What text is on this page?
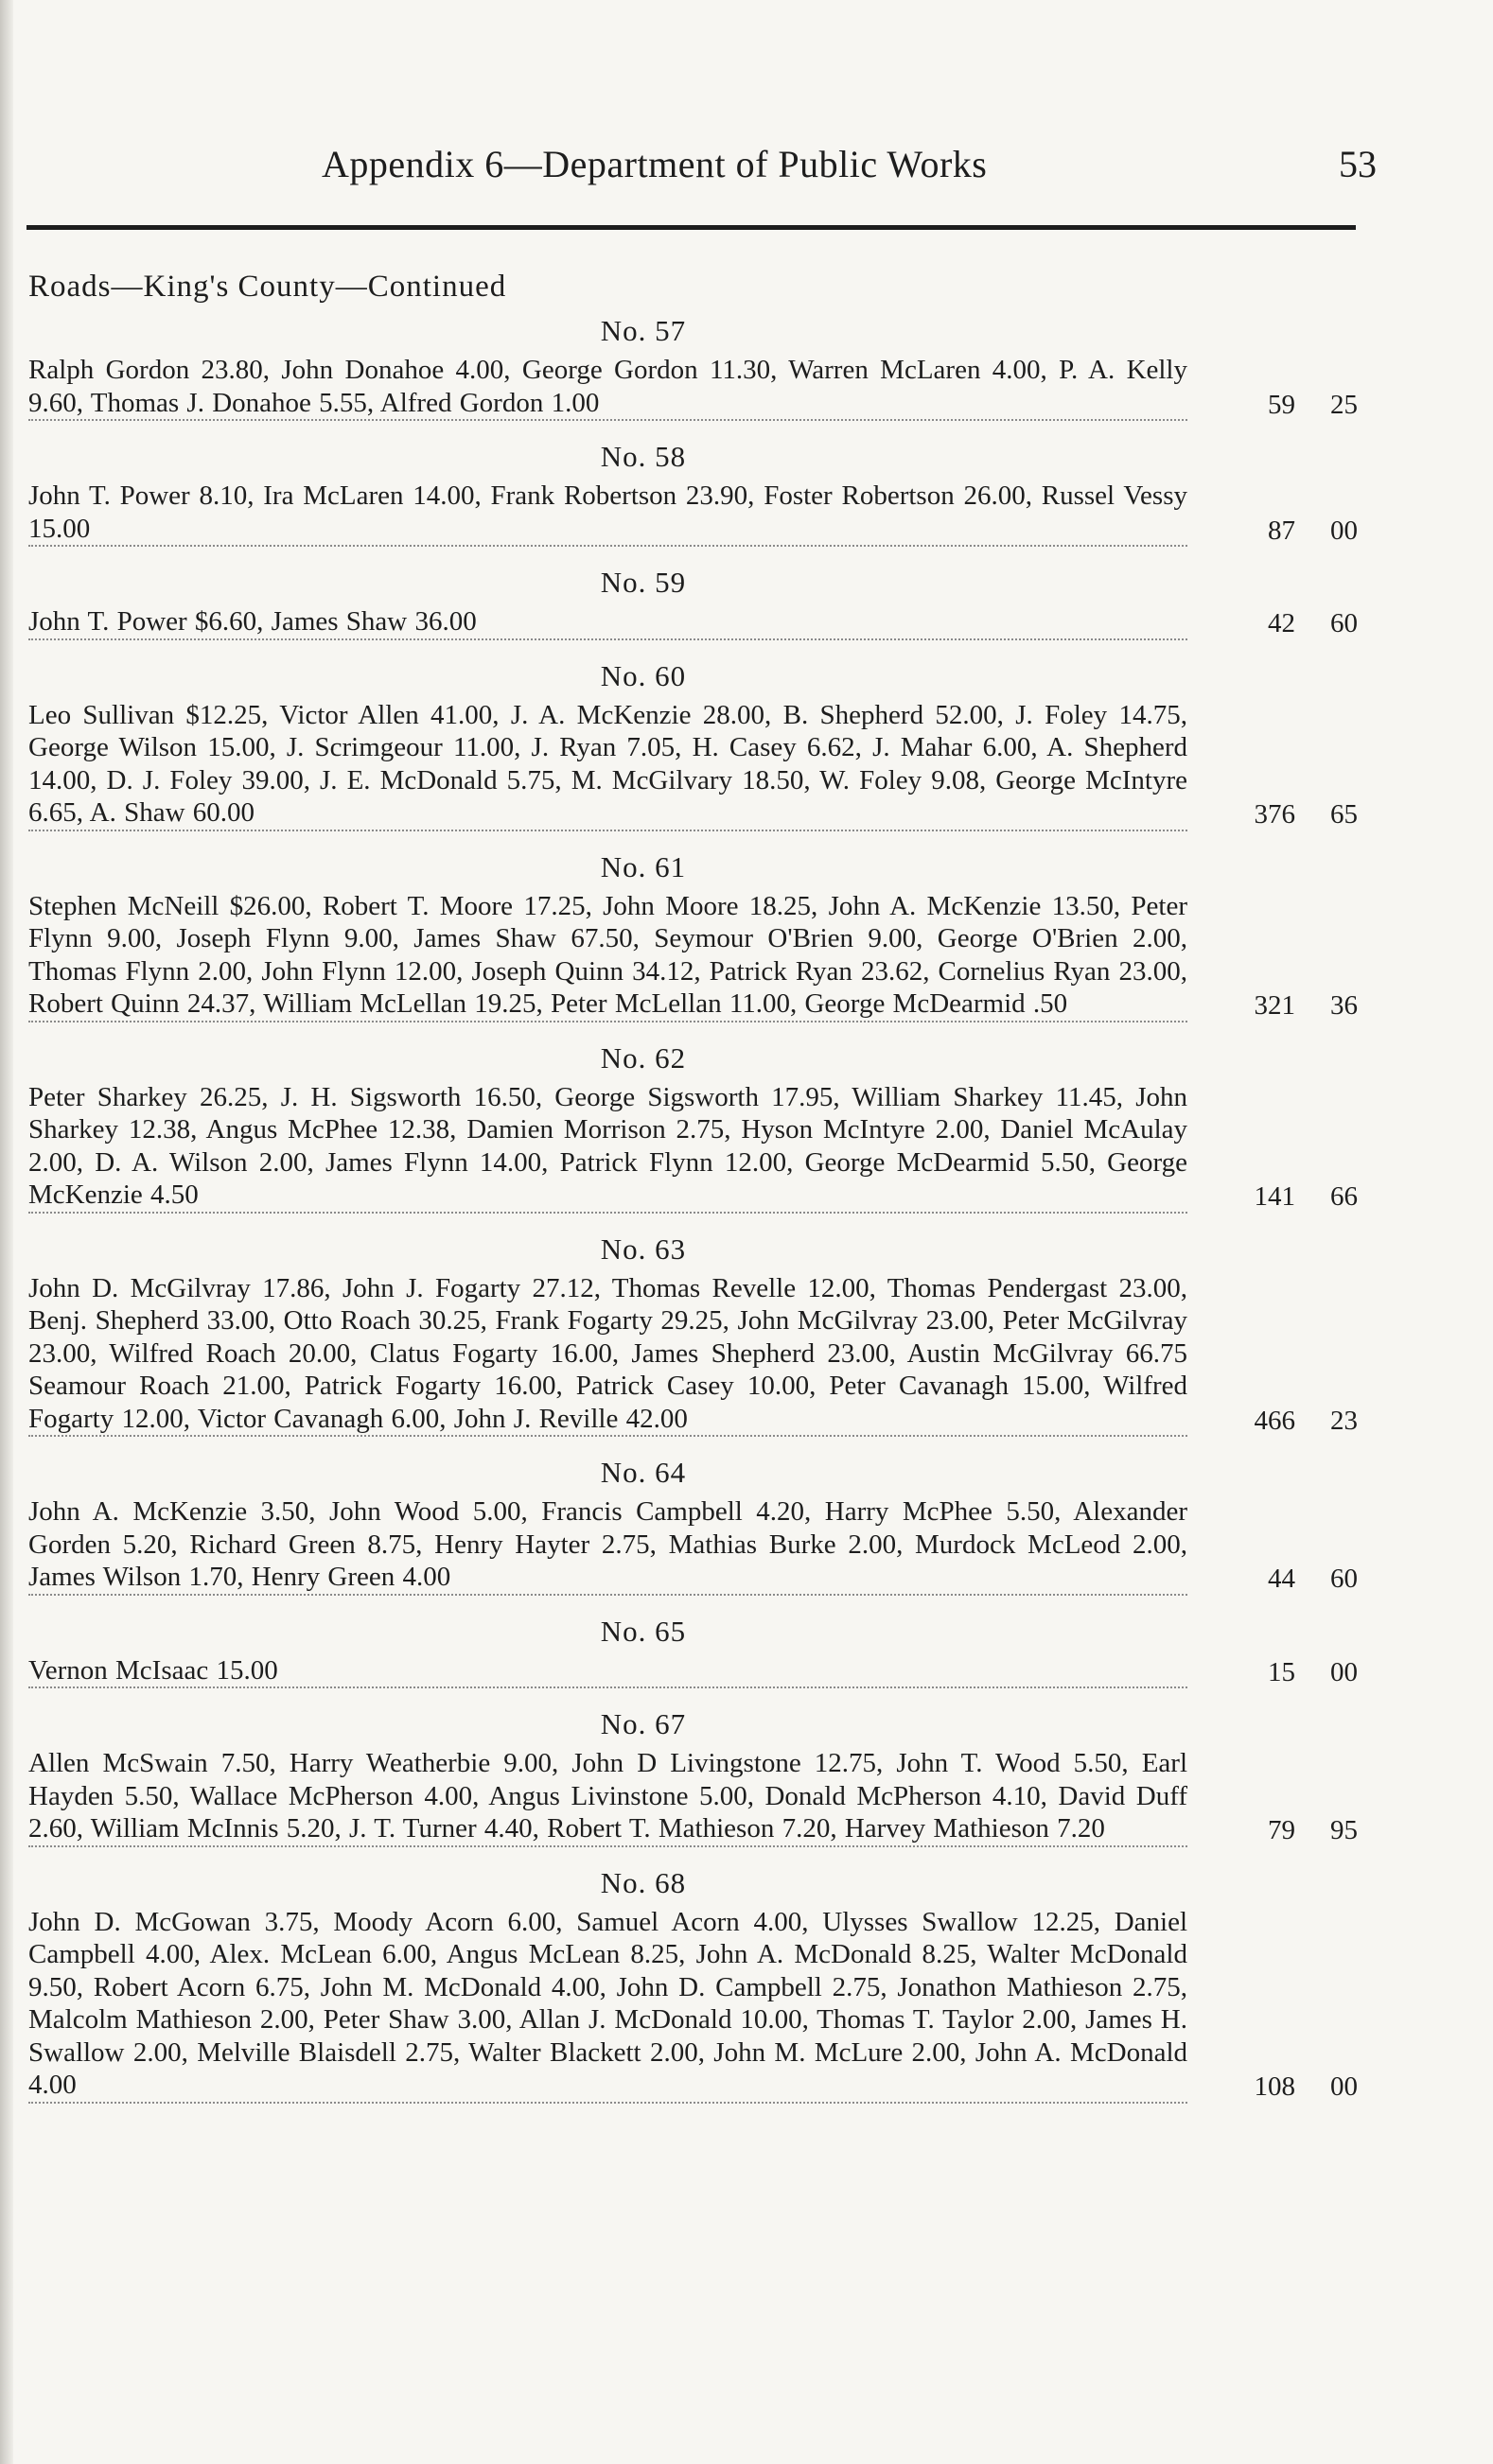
Appendix 6—Department of Public Works	53
Roads—King's County—Continued
No. 57
Ralph Gordon 23.80, John Donahoe 4.00, George Gordon 11.30, Warren McLaren 4.00, P. A. Kelly 9.60, Thomas J. Donahoe 5.55, Alfred Gordon 1.00	59	25
No. 58
John T. Power 8.10, Ira McLaren 14.00, Frank Robertson 23.90, Foster Robertson 26.00, Russel Vessy 15.00	87	00
No. 59
John T. Power $6.60, James Shaw 36.00	42	60
No. 60
Leo Sullivan $12.25, Victor Allen 41.00, J. A. McKenzie 28.00, B. Shepherd 52.00, J. Foley 14.75, George Wilson 15.00, J. Scrimgeour 11.00, J. Ryan 7.05, H. Casey 6.62, J. Mahar 6.00, A. Shepherd 14.00, D. J. Foley 39.00, J. E. McDonald 5.75, M. McGilvary 18.50, W. Foley 9.08, George McIntyre 6.65, A. Shaw 60.00	376	65
No. 61
Stephen McNeill $26.00, Robert T. Moore 17.25, John Moore 18.25, John A. McKenzie 13.50, Peter Flynn 9.00, Joseph Flynn 9.00, James Shaw 67.50, Seymour O'Brien 9.00, George O'Brien 2.00, Thomas Flynn 2.00, John Flynn 12.00, Joseph Quinn 34.12, Patrick Ryan 23.62, Cornelius Ryan 23.00, Robert Quinn 24.37, William McLellan 19.25, Peter McLellan 11.00, George McDearmid .50	321	36
No. 62
Peter Sharkey 26.25, J. H. Sigsworth 16.50, George Sigsworth 17.95, William Sharkey 11.45, John Sharkey 12.38, Angus McPhee 12.38, Damien Morrison 2.75, Hyson McIntyre 2.00, Daniel McAulay 2.00, D. A. Wilson 2.00, James Flynn 14.00, Patrick Flynn 12.00, George McDearmid 5.50, George McKenzie 4.50	141	66
No. 63
John D. McGilvray 17.86, John J. Fogarty 27.12, Thomas Revelle 12.00, Thomas Pendergast 23.00, Benj. Shepherd 33.00, Otto Roach 30.25, Frank Fogarty 29.25, John McGilvray 23.00, Peter McGilvray 23.00, Wilfred Roach 20.00, Clatus Fogarty 16.00, James Shepherd 23.00, Austin McGilvray 66.75 Seamour Roach 21.00, Patrick Fogarty 16.00, Patrick Casey 10.00, Peter Cavanagh 15.00, Wilfred Fogarty 12.00, Victor Cavanagh 6.00, John J. Reville 42.00	466	23
No. 64
John A. McKenzie 3.50, John Wood 5.00, Francis Campbell 4.20, Harry McPhee 5.50, Alexander Gorden 5.20, Richard Green 8.75, Henry Hayter 2.75, Mathias Burke 2.00, Murdock McLeod 2.00, James Wilson 1.70, Henry Green 4.00	44	60
No. 65
Vernon McIsaac 15.00	15	00
No. 67
Allen McSwain 7.50, Harry Weatherbie 9.00, John D Livingstone 12.75, John T. Wood 5.50, Earl Hayden 5.50, Wallace McPherson 4.00, Angus Livinstone 5.00, Donald McPherson 4.10, David Duff 2.60, William McInnis 5.20, J. T. Turner 4.40, Robert T. Mathieson 7.20, Harvey Mathieson 7.20	79	95
No. 68
John D. McGowan 3.75, Moody Acorn 6.00, Samuel Acorn 4.00, Ulysses Swallow 12.25, Daniel Campbell 4.00, Alex. McLean 6.00, Angus McLean 8.25, John A. McDonald 8.25, Walter McDonald 9.50, Robert Acorn 6.75, John M. McDonald 4.00, John D. Campbell 2.75, Jonathon Mathieson 2.75, Malcolm Mathieson 2.00, Peter Shaw 3.00, Allan J. McDonald 10.00, Thomas T. Taylor 2.00, James H. Swallow 2.00, Melville Blaisdell 2.75, Walter Blackett 2.00, John M. McLure 2.00, John A. McDonald 4.00	108	00
